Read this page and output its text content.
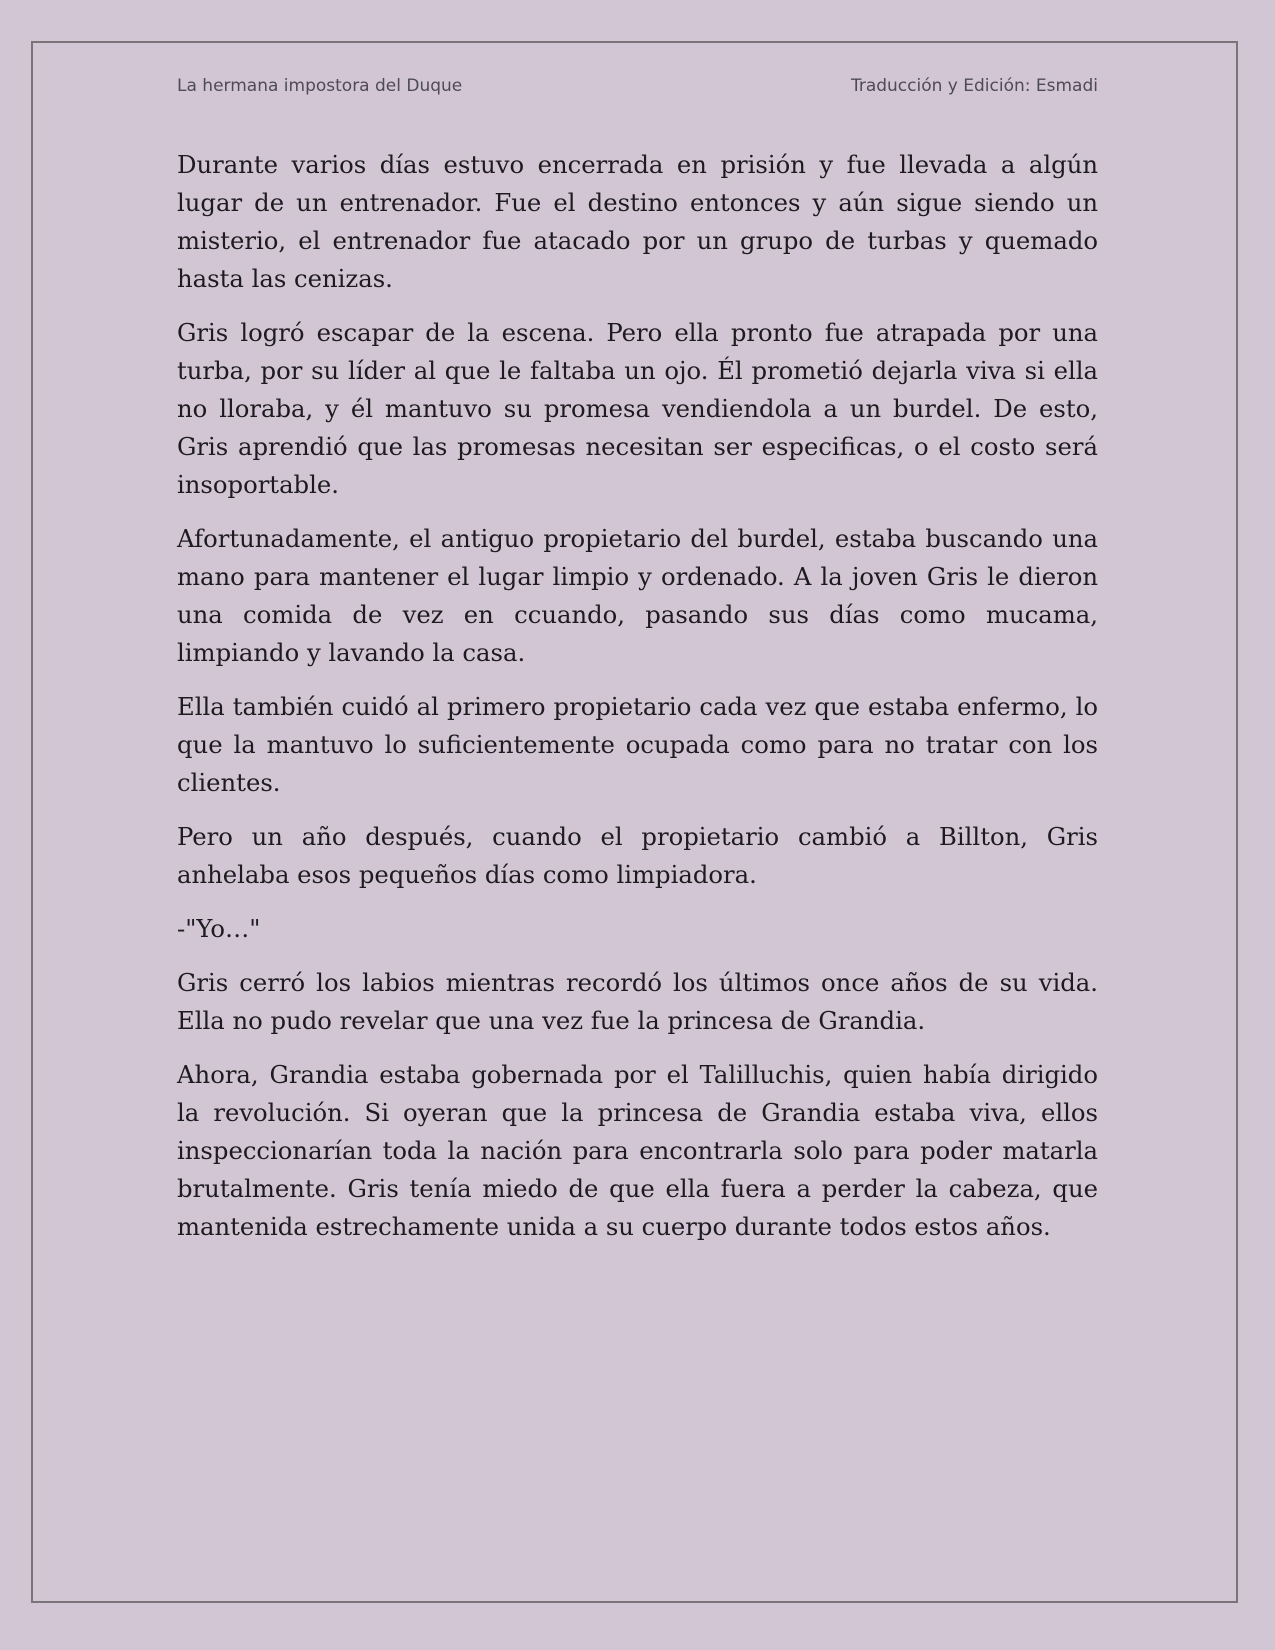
La hermana impostora del Duque	Traducción y Edición: Esmadi

Durante varios días estuvo encerrada en prisión y fue llevada a algún lugar de un entrenador. Fue el destino entonces y aún sigue siendo un misterio, el entrenador fue atacado por un grupo de turbas y quemado hasta las cenizas.

Gris logró escapar de la escena. Pero ella pronto fue atrapada por una turba, por su líder al que le faltaba un ojo. Él prometió dejarla viva si ella no lloraba, y él mantuvo su promesa vendiendola a un burdel. De esto, Gris aprendió que las promesas necesitan ser especificas, o el costo será insoportable.

Afortunadamente, el antiguo propietario del burdel, estaba buscando una mano para mantener el lugar limpio y ordenado. A la joven Gris le dieron una comida de vez en ccuando, pasando sus días como mucama, limpiando y lavando la casa.

Ella también cuidó al primero propietario cada vez que estaba enfermo, lo que la mantuvo lo suficientemente ocupada como para no tratar con los clientes.

Pero un año después, cuando el propietario cambió a Billton, Gris anhelaba esos pequeños días como limpiadora.

-"Yo…"

Gris cerró los labios mientras recordó los últimos once años de su vida. Ella no pudo revelar que una vez fue la princesa de Grandia.

Ahora, Grandia estaba gobernada por el Talilluchis, quien había dirigido la revolución. Si oyeran que la princesa de Grandia estaba viva, ellos inspeccionarían toda la nación para encontrarla solo para poder matarla brutalmente. Gris tenía miedo de que ella fuera a perder la cabeza, que mantenida estrechamente unida a su cuerpo durante todos estos años.
